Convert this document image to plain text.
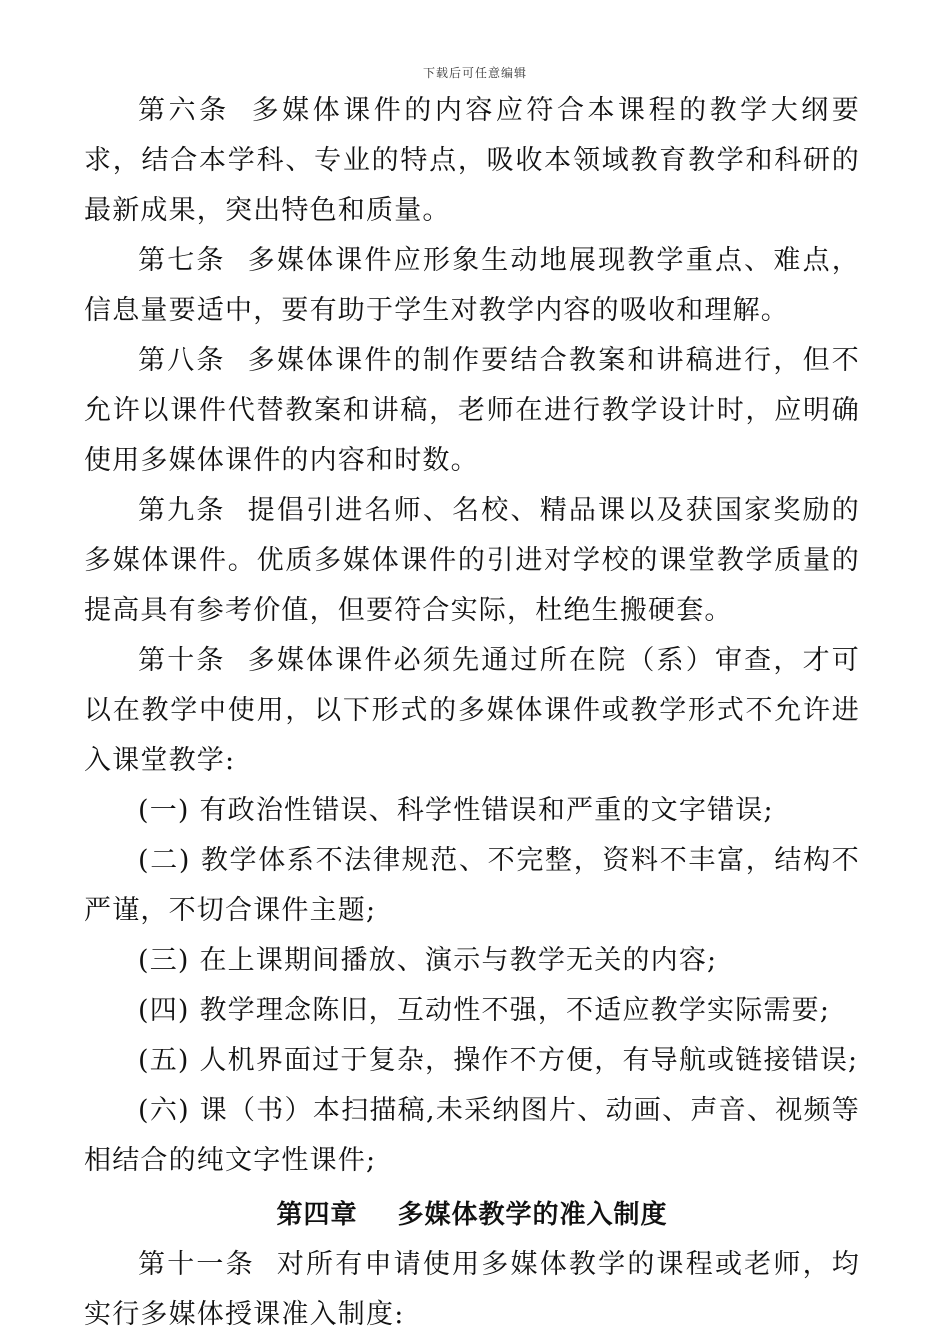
下载后可任意编辑

第六条 多媒体课件的内容应符合本课程的教学大纲要求，结合本学科、专业的特点，吸收本领域教育教学和科研的最新成果，突出特色和质量。

第七条 多媒体课件应形象生动地展现教学重点、难点，信息量要适中，要有助于学生对教学内容的吸收和理解。

第八条 多媒体课件的制作要结合教案和讲稿进行，但不允许以课件代替教案和讲稿，老师在进行教学设计时，应明确使用多媒体课件的内容和时数。

第九条 提倡引进名师、名校、精品课以及获国家奖励的多媒体课件。优质多媒体课件的引进对学校的课堂教学质量的提高具有参考价值，但要符合实际，杜绝生搬硬套。

第十条 多媒体课件必须先通过所在院（系）审查，才可以在教学中使用，以下形式的多媒体课件或教学形式不允许进入课堂教学:

(一) 有政治性错误、科学性错误和严重的文字错误;

(二) 教学体系不法律规范、不完整，资料不丰富，结构不严谨，不切合课件主题;

(三) 在上课期间播放、演示与教学无关的内容;

(四) 教学理念陈旧，互动性不强，不适应教学实际需要;

(五) 人机界面过于复杂，操作不方便，有导航或链接错误;

(六) 课（书）本扫描稿,未采纳图片、动画、声音、视频等相结合的纯文字性课件;

第四章 多媒体教学的准入制度

第十一条 对所有申请使用多媒体教学的课程或老师，均实行多媒体授课准入制度:
